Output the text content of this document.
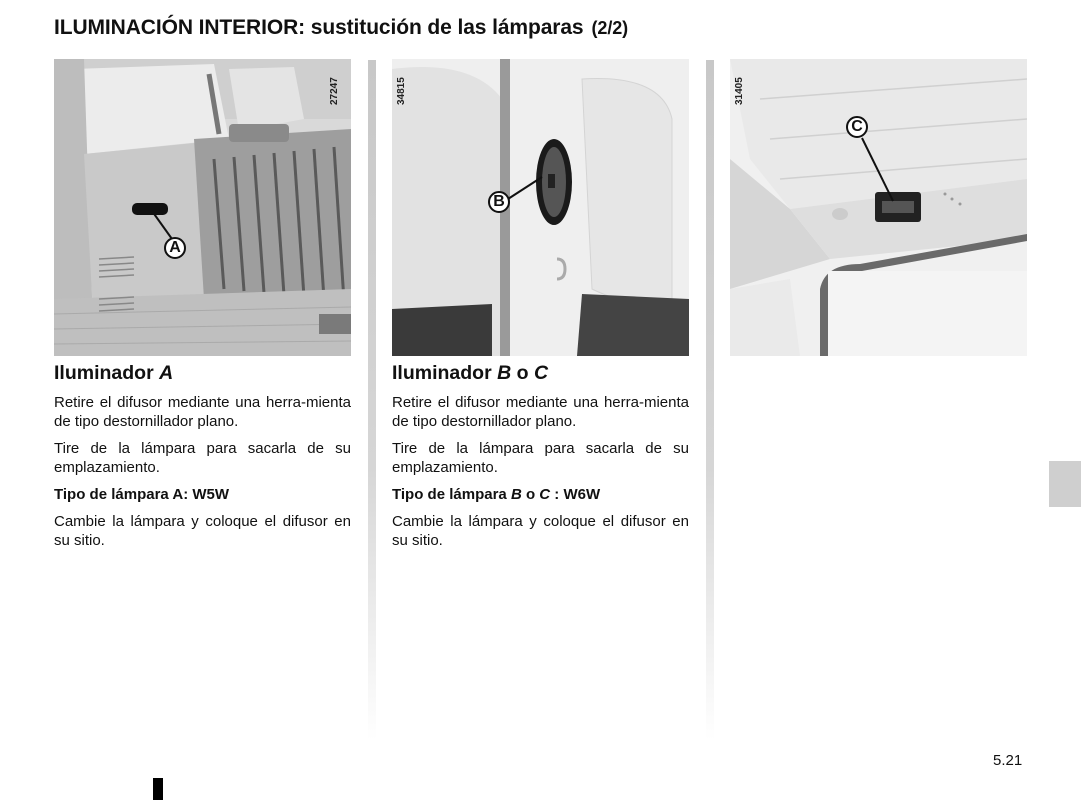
ILUMINACIÓN INTERIOR: sustitución de las lámparas (2/2)
27247
A
34815
B
31405
C
Iluminador A

Retire el difusor mediante una herra-mienta de tipo destornillador plano.

Tire de la lámpara para sacarla de su emplazamiento.

Tipo de lámpara A: W5W

Cambie la lámpara y coloque el difusor en su sitio.

Iluminador B o C

Retire el difusor mediante una herra-mienta de tipo destornillador plano.

Tire de la lámpara para sacarla de su emplazamiento.

Tipo de lámpara B o C : W6W

Cambie la lámpara y coloque el difusor en su sitio.

5.21
